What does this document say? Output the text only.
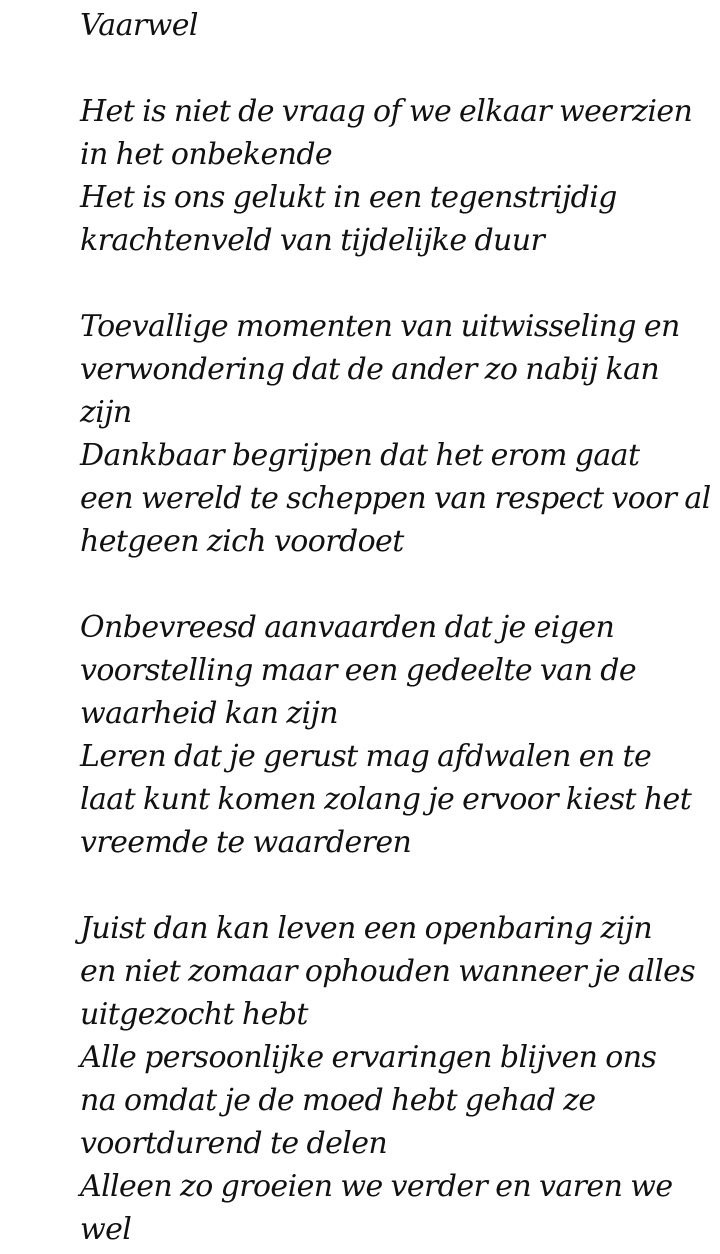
Vaarwel
Het is niet de vraag of we elkaar weerzien
in het onbekende
Het is ons gelukt in een tegenstrijdig
krachtenveld van tijdelijke duur
Toevallige momenten van uitwisseling en
verwondering dat de ander zo nabij kan
zijn
Dankbaar begrijpen dat het erom gaat
een wereld te scheppen van respect voor al
hetgeen zich voordoet
Onbevreesd aanvaarden dat je eigen
voorstelling maar een gedeelte van de
waarheid kan zijn
Leren dat je gerust mag afdwalen en te
laat kunt komen zolang je ervoor kiest het
vreemde te waarderen
Juist dan kan leven een openbaring zijn
en niet zomaar ophouden wanneer je alles
uitgezocht hebt
Alle persoonlijke ervaringen blijven ons
na omdat je de moed hebt gehad ze
voortdurend te delen
Alleen zo groeien we verder en varen we
wel
